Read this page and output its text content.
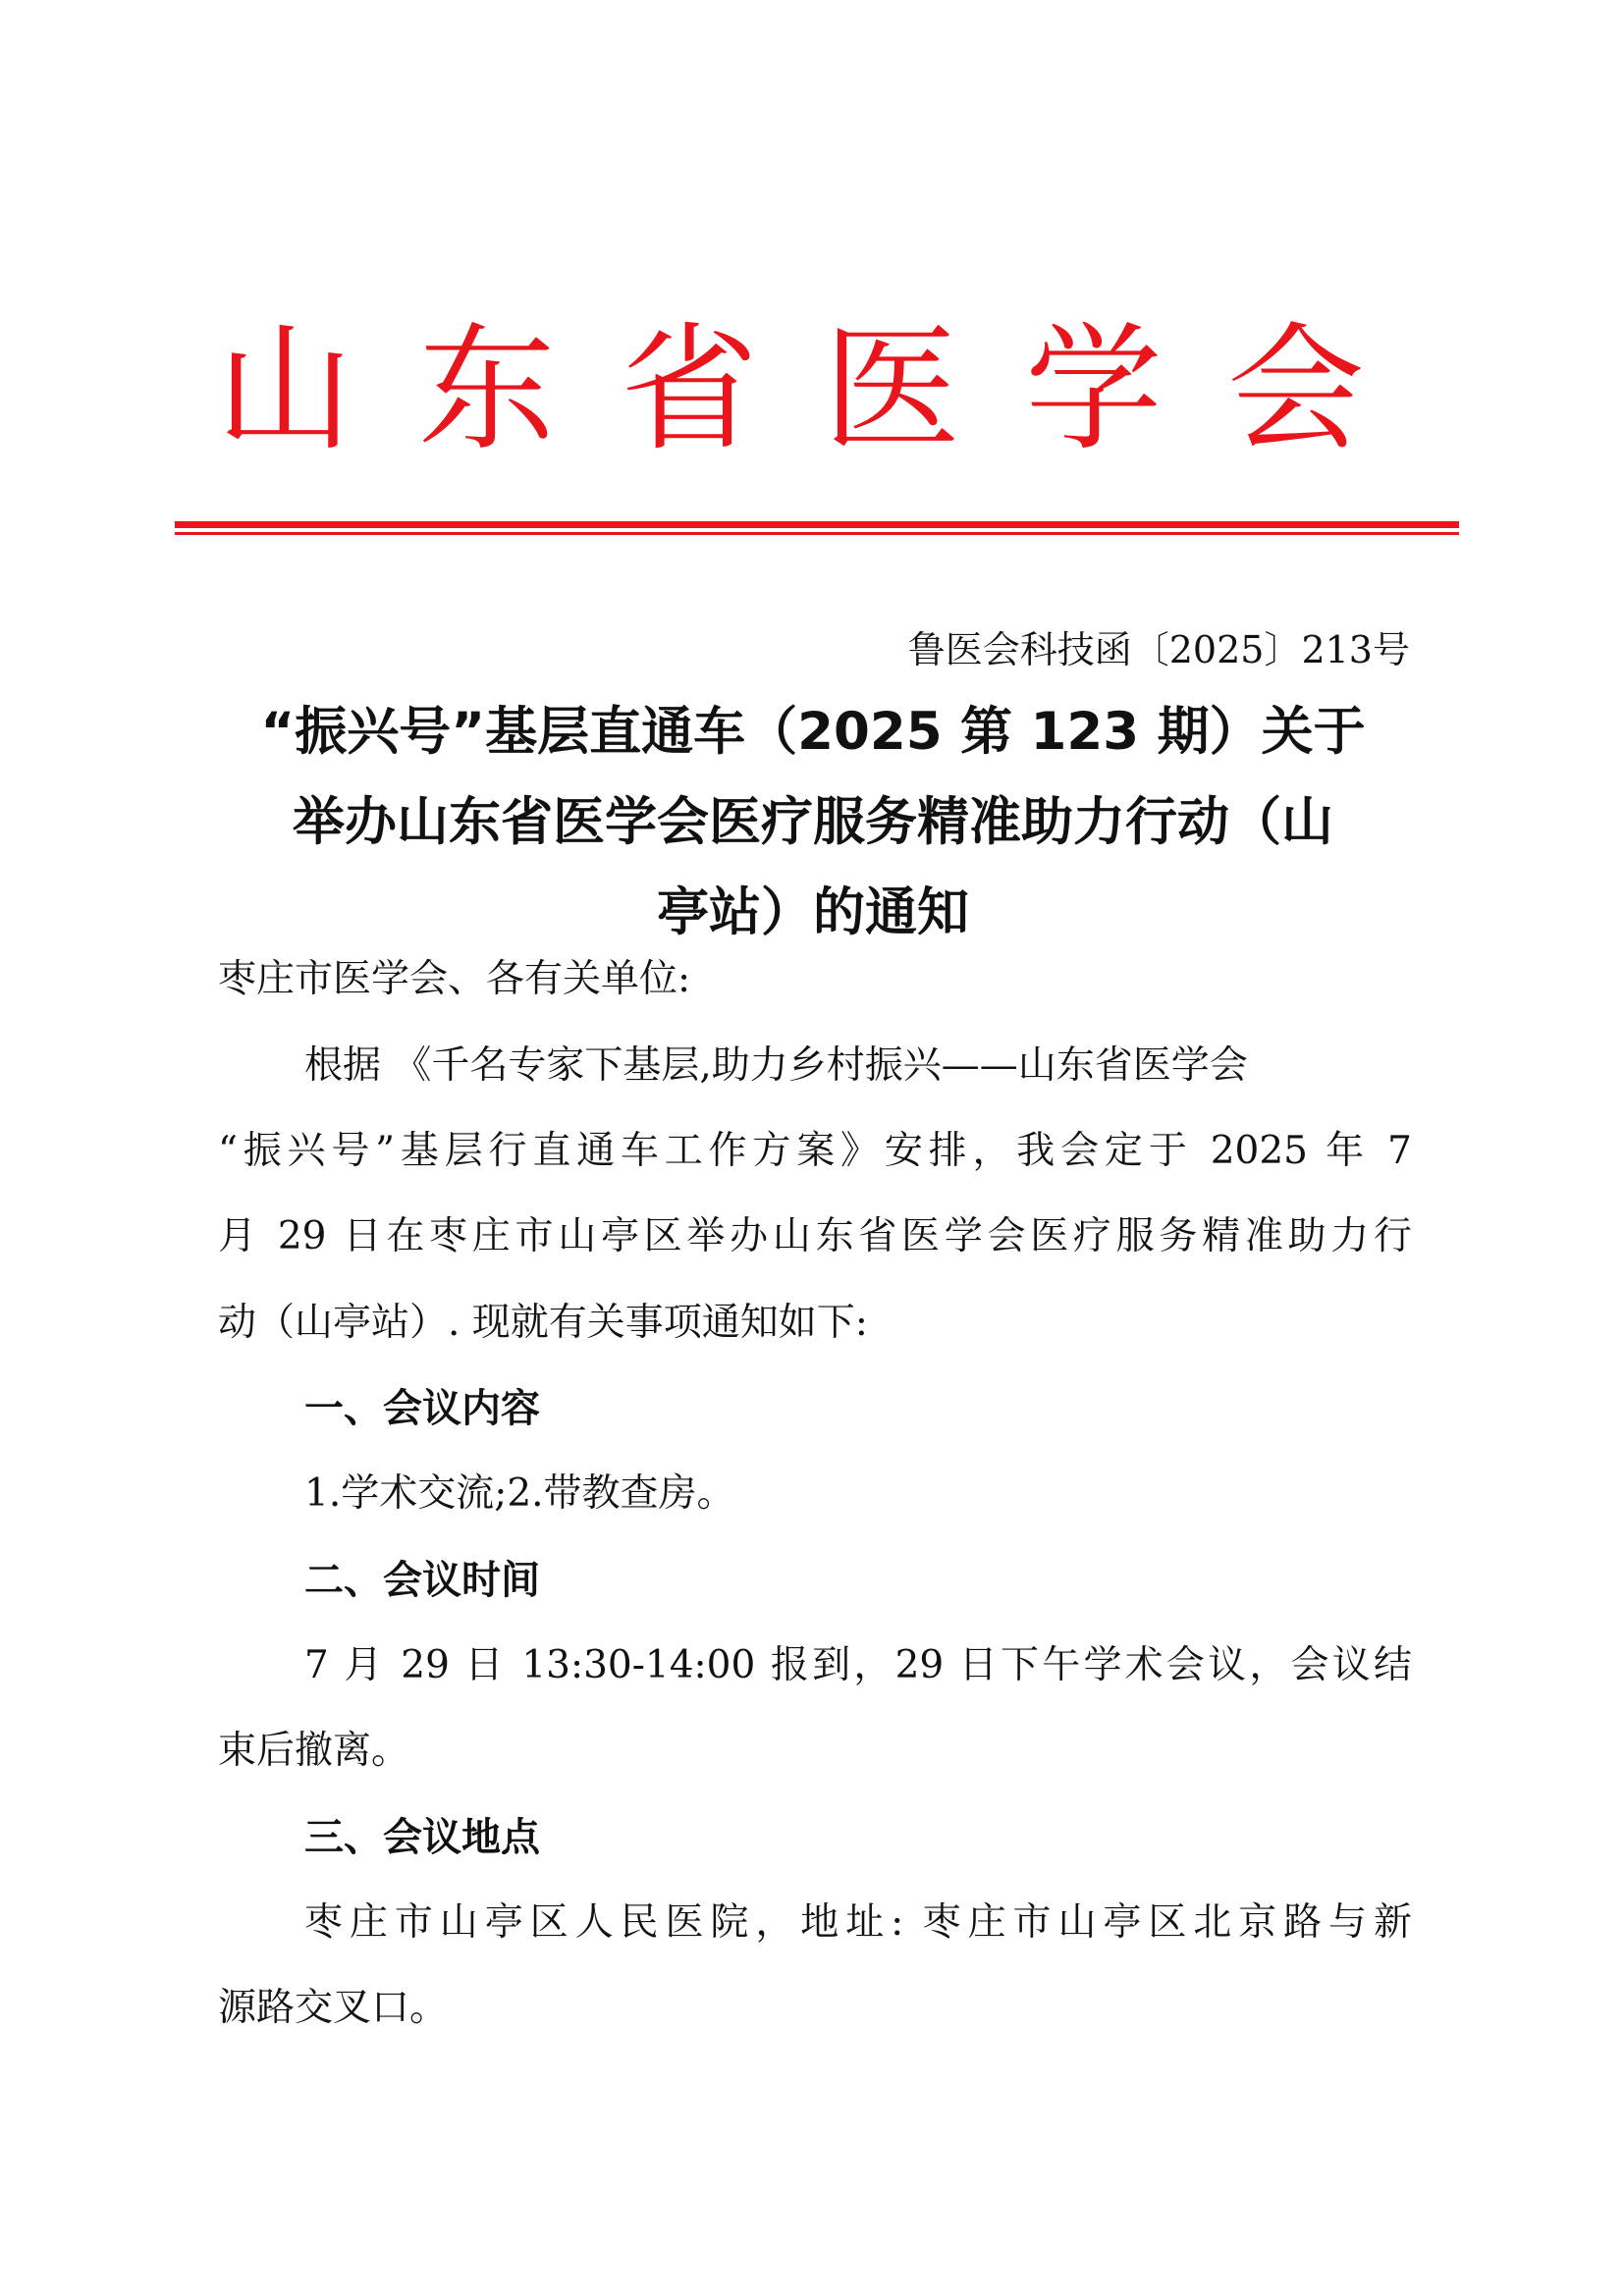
山 东 省 医 学 会
鲁医会科技函〔2025〕213号
“振兴号”基层直通车（2025 第 123 期）关于
举办山东省医学会医疗服务精准助力行动（山
亭站）的通知
枣庄市医学会、各有关单位:
根据 《千名专家下基层,助力乡村振兴——山东省医学会
“振兴号”基层行直通车工作方案》安排，我会定于 2025 年 7
月 29 日在枣庄市山亭区举办山东省医学会医疗服务精准助力行
动（山亭站）. 现就有关事项通知如下:
一、会议内容
1.学术交流;2.带教查房。
二、会议时间
7 月 29 日 13:30-14:00 报到，29 日下午学术会议，会议结
束后撤离。
三、会议地点
枣庄市山亭区人民医院，地址: 枣庄市山亭区北京路与新
源路交叉口。
